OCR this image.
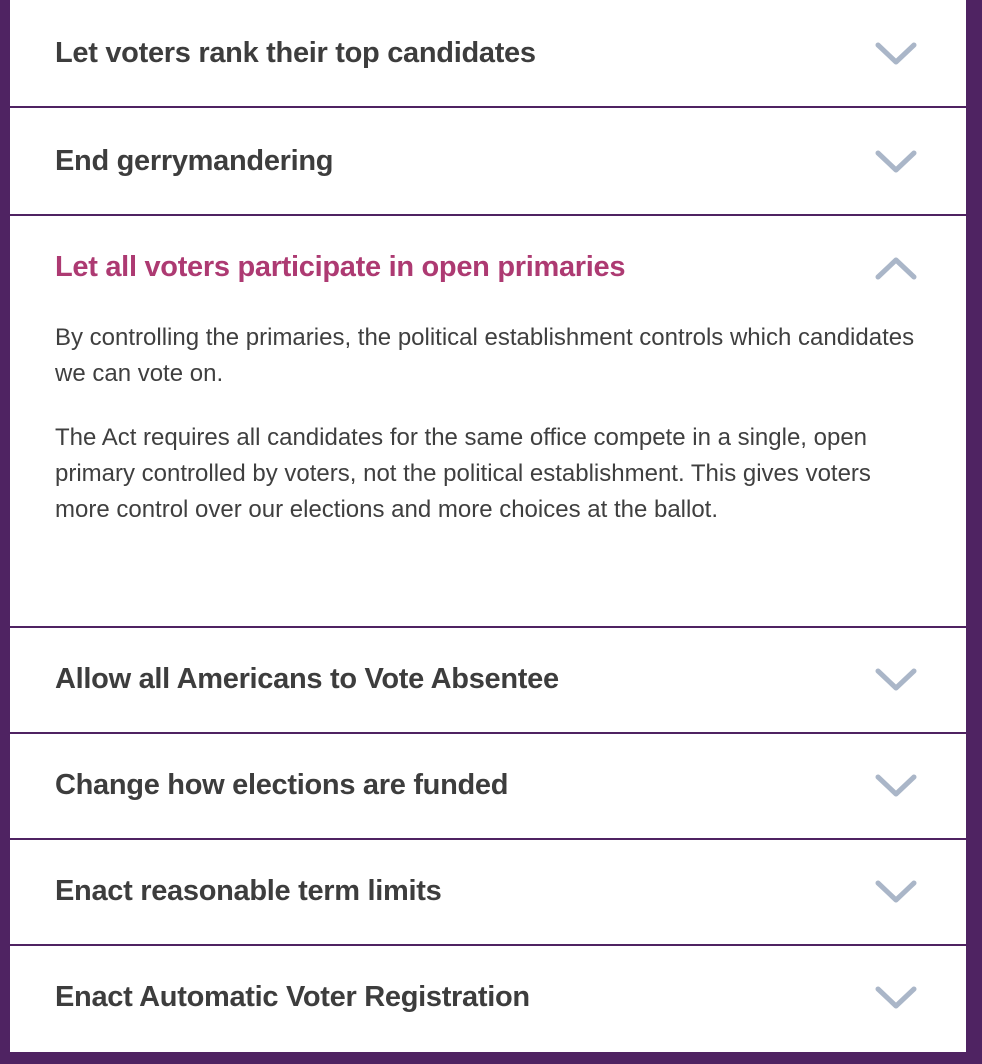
Let voters rank their top candidates
End gerrymandering
Let all voters participate in open primaries

By controlling the primaries, the political establishment controls which candidates we can vote on.

The Act requires all candidates for the same office compete in a single, open primary controlled by voters, not the political establishment. This gives voters more control over our elections and more choices at the ballot.

Allow all Americans to Vote Absentee
Change how elections are funded
Enact reasonable term limits
Enact Automatic Voter Registration
